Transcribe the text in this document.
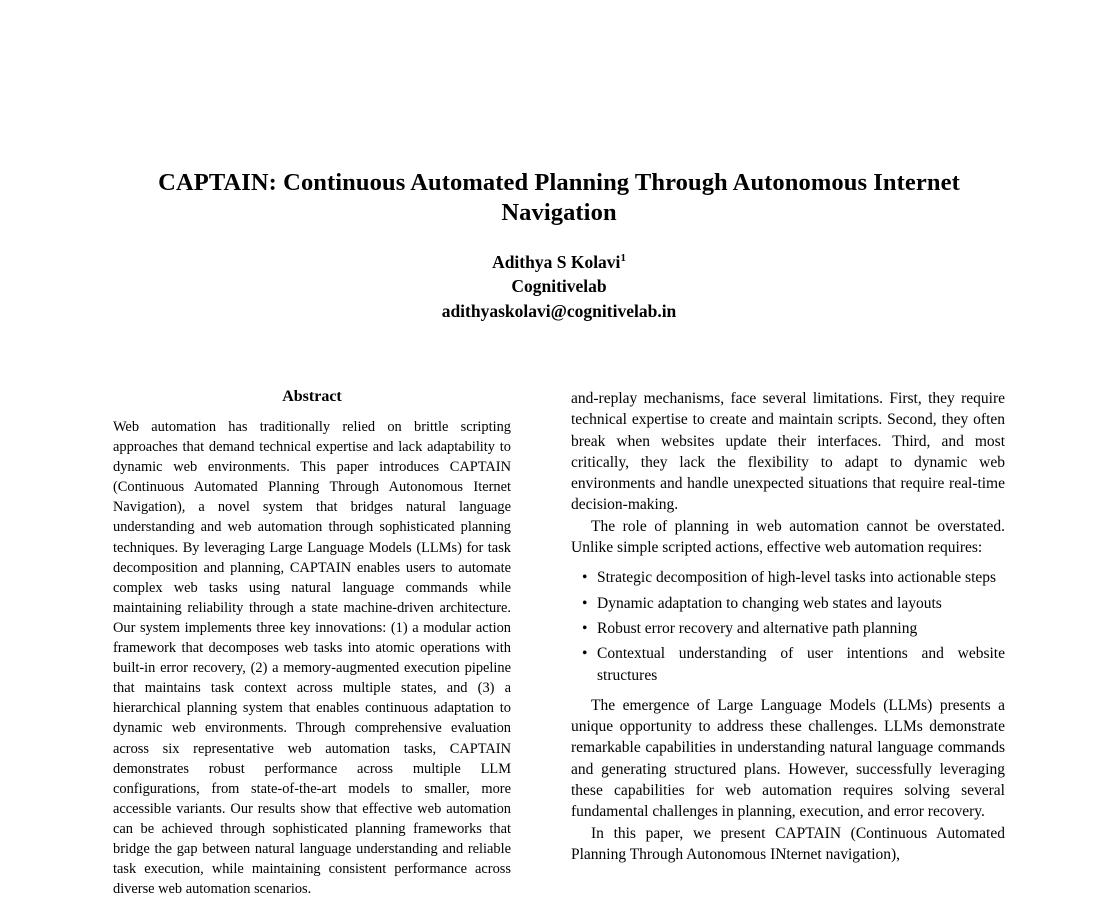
CAPTAIN: Continuous Automated Planning Through Autonomous Internet Navigation

Adithya S Kolavi$^1$

Cognitivelab

adithyaskolavi@cognitivelab.in

Abstract

Web automation has traditionally relied on brittle scripting approaches that demand technical expertise and lack adaptability to dynamic web environments. This paper introduces CAPTAIN (Continuous Automated Planning Through Autonomous Iternet Navigation), a novel system that bridges natural language understanding and web automation through sophisticated planning techniques. By leveraging Large Language Models (LLMs) for task decomposition and planning, CAPTAIN enables users to automate complex web tasks using natural language commands while maintaining reliability through a state machine-driven architecture. Our system implements three key innovations: (1) a modular action framework that decomposes web tasks into atomic operations with built-in error recovery, (2) a memory-augmented execution pipeline that maintains task context across multiple states, and (3) a hierarchical planning system that enables continuous adaptation to dynamic web environments. Through comprehensive evaluation across six representative web automation tasks, CAPTAIN demonstrates robust performance across multiple LLM configurations, from state-of-the-art models to smaller, more accessible variants. Our results show that effective web automation can be achieved through sophisticated planning frameworks that bridge the gap between natural language understanding and reliable task execution, while maintaining consistent performance across diverse web automation scenarios.

and-replay mechanisms, face several limitations. First, they require technical expertise to create and maintain scripts. Second, they often break when websites update their interfaces. Third, and most critically, they lack the flexibility to adapt to dynamic web environments and handle unexpected situations that require real-time decision-making.

The role of planning in web automation cannot be overstated. Unlike simple scripted actions, effective web automation requires:

• Strategic decomposition of high-level tasks into actionable steps
• Dynamic adaptation to changing web states and layouts
• Robust error recovery and alternative path planning
• Contextual understanding of user intentions and website structures

The emergence of Large Language Models (LLMs) presents a unique opportunity to address these challenges. LLMs demonstrate remarkable capabilities in understanding natural language commands and generating structured plans. However, successfully leveraging these capabilities for web automation requires solving several fundamental challenges in planning, execution, and error recovery.

In this paper, we present CAPTAIN (Continuous Automated Planning Through Autonomous INternet navigation),
